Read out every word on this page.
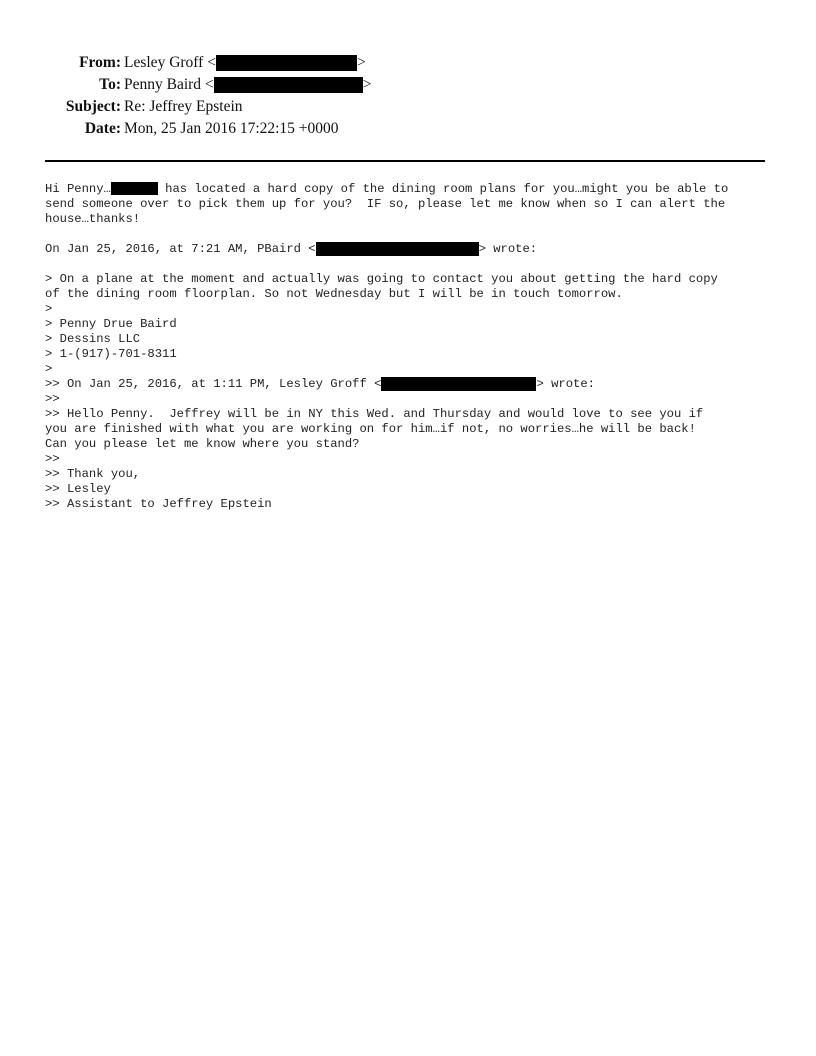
From: Lesley Groff <	>
To: Penny Baird <	>
Subject: Re: Jeffrey Epstein
Date: Mon, 25 Jan 2016 17:22:15 +0000
Hi Penny…	has located a hard copy of the dining room plans for you…might you be able to
send someone over to pick them up for you?  IF so, please let me know when so I can alert the
house…thanks!
On Jan 25, 2016, at 7:21 AM, PBaird <	> wrote:
> On a plane at the moment and actually was going to contact you about getting the hard copy
of the dining room floorplan. So not Wednesday but I will be in touch tomorrow.
>
> Penny Drue Baird
> Dessins LLC
> 1-(917)-701-8311
>
>> On Jan 25, 2016, at 1:11 PM, Lesley Groff <	> wrote:
>>
>> Hello Penny.  Jeffrey will be in NY this Wed. and Thursday and would love to see you if
you are finished with what you are working on for him…if not, no worries…he will be back!
Can you please let me know where you stand?
>>
>> Thank you,
>> Lesley
>> Assistant to Jeffrey Epstein
